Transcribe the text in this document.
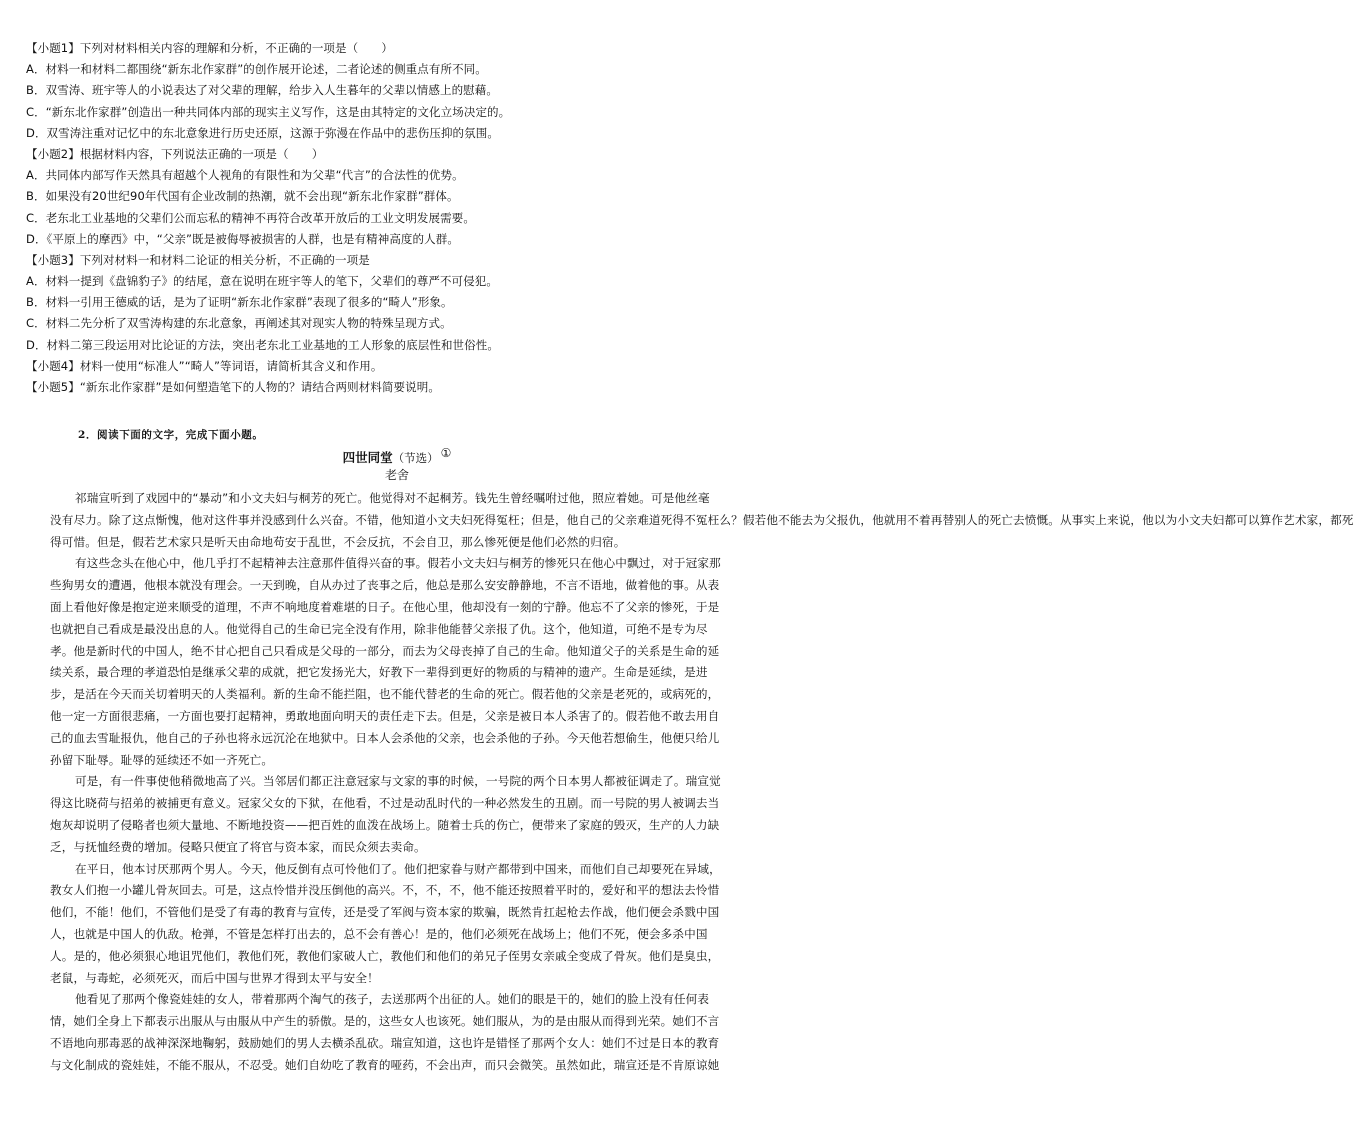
【小题1】下列对材料相关内容的理解和分析，不正确的一项是（　　）
A．材料一和材料二都围绕“新东北作家群”的创作展开论述，二者论述的侧重点有所不同。
B．双雪涛、班宇等人的小说表达了对父辈的理解，给步入人生暮年的父辈以情感上的慰藉。
C．“新东北作家群”创造出一种共同体内部的现实主义写作，这是由其特定的文化立场决定的。
D．双雪涛注重对记忆中的东北意象进行历史还原，这源于弥漫在作品中的悲伤压抑的氛围。
【小题2】根据材料内容，下列说法正确的一项是（　　）
A．共同体内部写作天然具有超越个人视角的有限性和为父辈“代言”的合法性的优势。
B．如果没有20世纪90年代国有企业改制的热潮，就不会出现“新东北作家群”群体。
C．老东北工业基地的父辈们公而忘私的精神不再符合改革开放后的工业文明发展需要。
D．《平原上的摩西》中，“父亲”既是被侮辱被损害的人群，也是有精神高度的人群。
【小题3】下列对材料一和材料二论证的相关分析，不正确的一项是
A．材料一提到《盘锦豹子》的结尾，意在说明在班宇等人的笔下，父辈们的尊严不可侵犯。
B．材料一引用王德威的话，是为了证明“新东北作家群”表现了很多的“畸人”形象。
C．材料二先分析了双雪涛构建的东北意象，再阐述其对现实人物的特殊呈现方式。
D．材料二第三段运用对比论证的方法，突出老东北工业基地的工人形象的底层性和世俗性。
【小题4】材料一使用“标准人”“畸人”等词语，请简析其含义和作用。
【小题5】“新东北作家群”是如何塑造笔下的人物的？请结合两则材料简要说明。
2．阅读下面的文字，完成下面小题。
四世同堂（节选） ①
老舍
祁瑞宣听到了戏园中的“暴动”和小文夫妇与桐芳的死亡。他觉得对不起桐芳。钱先生曾经嘱咐过他，照应着她。可是他丝毫
没有尽力。除了这点惭愧，他对这件事并没感到什么兴奋。不错，他知道小文夫妇死得冤枉；但是，他自己的父亲难道死得不冤枉么？假若他不能去为父报仇，他就用不着再替别人的死亡去愤慨。从事实上来说，他以为小文夫妇都可以算作艺术家，都死
得可惜。但是，假若艺术家只是听天由命地苟安于乱世，不会反抗，不会自卫，那么惨死便是他们必然的归宿。
有这些念头在他心中，他几乎打不起精神去注意那件值得兴奋的事。假若小文夫妇与桐芳的惨死只在他心中飘过，对于冠家那
些狗男女的遭遇，他根本就没有理会。一天到晚，自从办过了丧事之后，他总是那么安安静静地，不言不语地，做着他的事。从表
面上看他好像是抱定逆来顺受的道理，不声不响地度着难堪的日子。在他心里，他却没有一刻的宁静。他忘不了父亲的惨死，于是
也就把自己看成是最没出息的人。他觉得自己的生命已完全没有作用，除非他能替父亲报了仇。这个，他知道，可绝不是专为尽
孝。他是新时代的中国人，绝不甘心把自己只看成是父母的一部分，而去为父母丧掉了自己的生命。他知道父子的关系是生命的延
续关系，最合理的孝道恐怕是继承父辈的成就，把它发扬光大，好教下一辈得到更好的物质的与精神的遗产。生命是延续，是进
步，是活在今天而关切着明天的人类福利。新的生命不能拦阻，也不能代替老的生命的死亡。假若他的父亲是老死的，或病死的，
他一定一方面很悲痛，一方面也要打起精神，勇敢地面向明天的责任走下去。但是，父亲是被日本人杀害了的。假若他不敢去用自
己的血去雪耻报仇，他自己的子孙也将永远沉沦在地狱中。日本人会杀他的父亲，也会杀他的子孙。今天他若想偷生，他便只给儿
孙留下耻辱。耻辱的延续还不如一齐死亡。
可是，有一件事使他稍微地高了兴。当邻居们都正注意冠家与文家的事的时候，一号院的两个日本男人都被征调走了。瑞宣觉
得这比晓荷与招弟的被捕更有意义。冠家父女的下狱，在他看，不过是动乱时代的一种必然发生的丑剧。而一号院的男人被调去当
炮灰却说明了侵略者也须大量地、不断地投资——把百姓的血泼在战场上。随着士兵的伤亡，便带来了家庭的毁灭，生产的人力缺
乏，与抚恤经费的增加。侵略只便宜了将官与资本家，而民众须去卖命。
在平日，他本讨厌那两个男人。今天，他反倒有点可怜他们了。他们把家眷与财产都带到中国来，而他们自己却要死在异域，
教女人们抱一小罐儿骨灰回去。可是，这点怜惜并没压倒他的高兴。不，不，不，他不能还按照着平时的，爱好和平的想法去怜惜
他们，不能！他们，不管他们是受了有毒的教育与宣传，还是受了军阀与资本家的欺骗，既然肯扛起枪去作战，他们便会杀戮中国
人，也就是中国人的仇敌。枪弹，不管是怎样打出去的，总不会有善心！是的，他们必须死在战场上；他们不死，便会多杀中国
人。是的，他必须狠心地诅咒他们，教他们死，教他们家破人亡，教他们和他们的弟兄子侄男女亲戚全变成了骨灰。他们是臭虫，
老鼠，与毒蛇，必须死灭，而后中国与世界才得到太平与安全！
他看见了那两个像瓷娃娃的女人，带着那两个淘气的孩子，去送那两个出征的人。她们的眼是干的，她们的脸上没有任何表
情，她们全身上下都表示出服从与由服从中产生的骄傲。是的，这些女人也该死。她们服从，为的是由服从而得到光荣。她们不言
不语地向那毒恶的战神深深地鞠躬，鼓励她们的男人去横杀乱砍。瑞宣知道，这也许是错怪了那两个女人：她们不过是日本的教育
与文化制成的瓷娃娃，不能不服从，不忍受。她们自幼吃了教育的哑药，不会出声，而只会微笑。虽然如此，瑞宣还是不肯原谅她
